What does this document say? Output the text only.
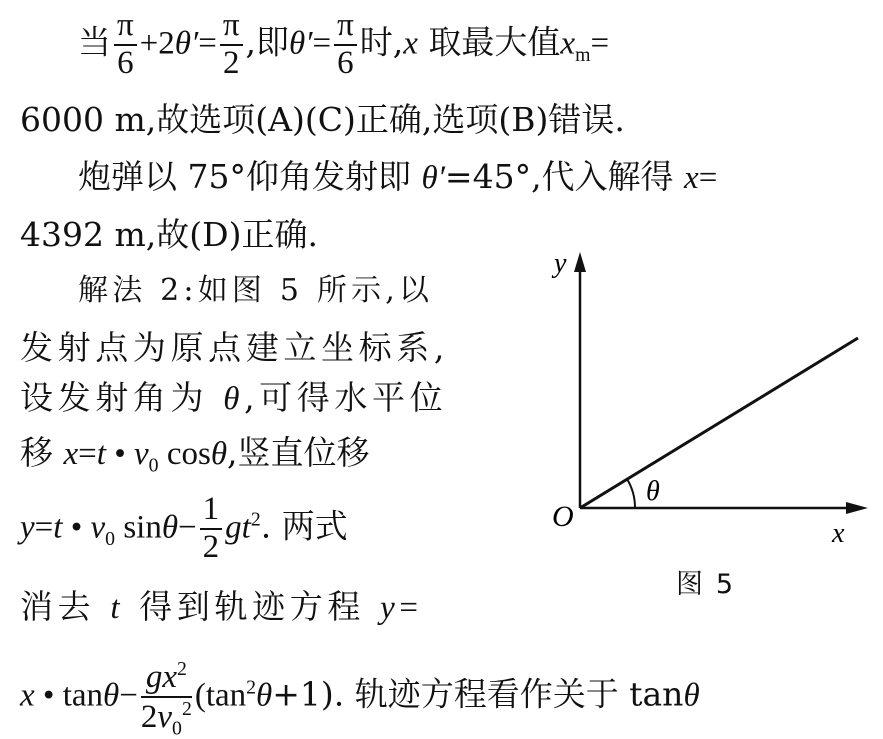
当 $\frac{\pi}{6} +2\theta'= \frac{\pi}{2}$ ,即$\theta'= \frac{\pi}{6}$ 时,x 取最大值$x_m=$
6000 m,故选项(A)(C)正确,选项(B)错误.
炮弹以 75°仰角发射即 θ′=45°,代入解得 x=
4392 m,故(D)正确.
解法 2:如图 5 所示,以
发射点为原点建立坐标系,
设发射角为 θ,可得水平位
移 x=t • $v_0$ cosθ,竖直位移
y=t • $v_0$ $\sin\theta- \frac{1}{2} gt^2$. 两式
消去 t 得到轨迹方程 y=
x • $\tan\theta- \frac{gx^2}{2v_0^2} (\tan^2\theta+1)$. 轨迹方程看作关于 tanθ
y
x
O
θ
图 5
